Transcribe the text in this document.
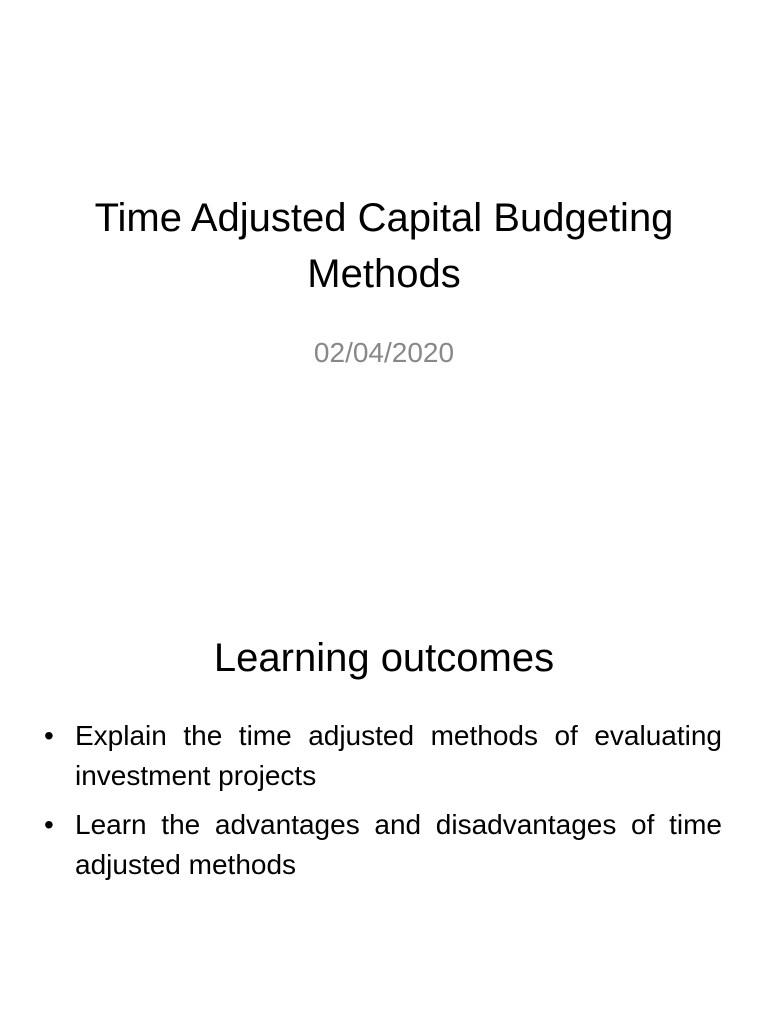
Time Adjusted Capital Budgeting Methods

02/04/2020

Learning outcomes
• Explain the time adjusted methods of evaluating investment projects
• Learn the advantages and disadvantages of time adjusted methods
